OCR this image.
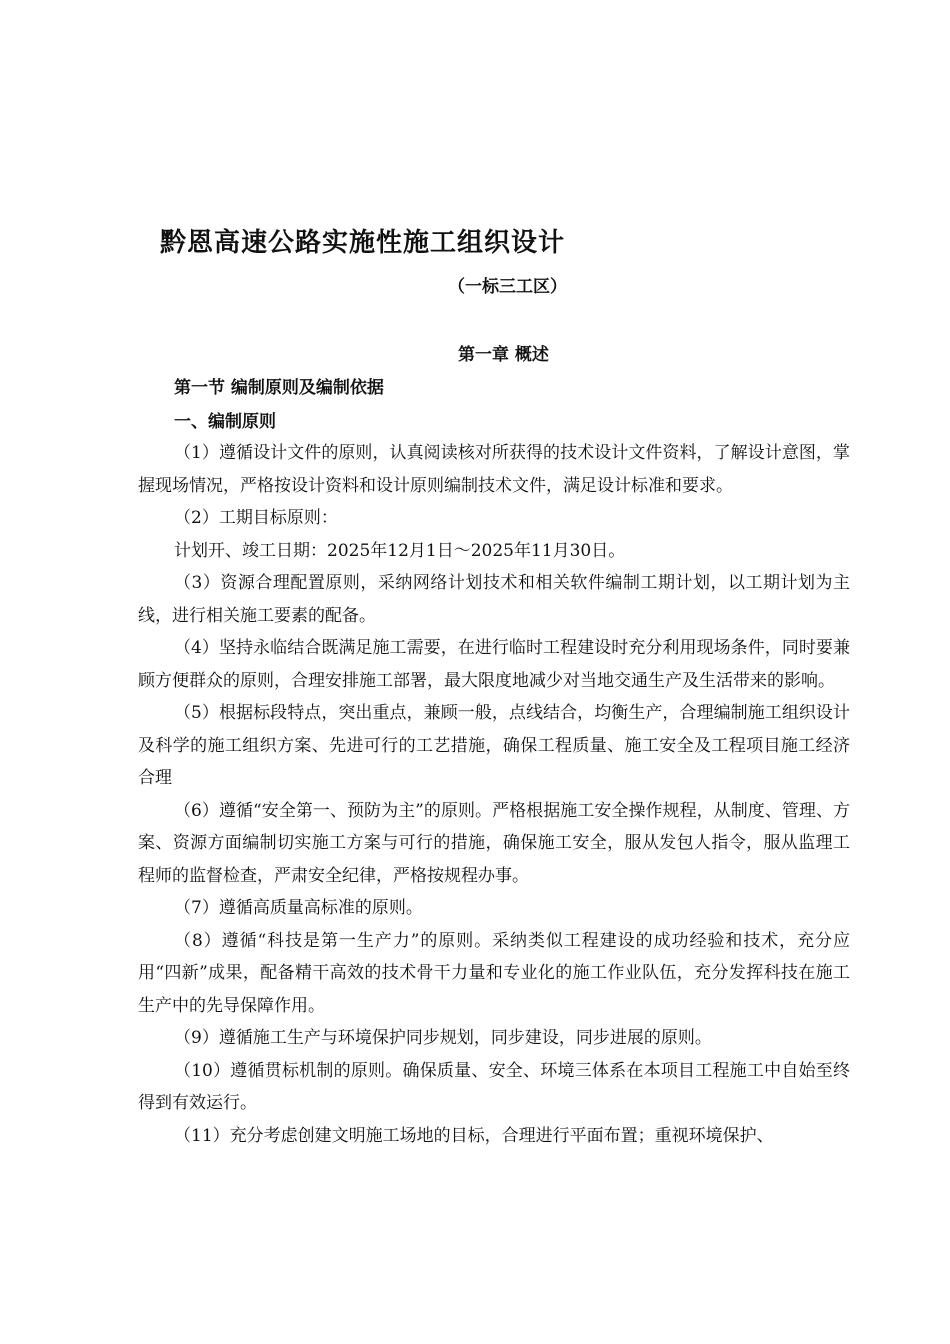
黔恩高速公路实施性施工组织设计
（一标三工区）
第一章 概述
第一节 编制原则及编制依据
一、编制原则

（1）遵循设计文件的原则，认真阅读核对所获得的技术设计文件资料，了解设计意图，掌握现场情况，严格按设计资料和设计原则编制技术文件，满足设计标准和要求。

（2）工期目标原则：

计划开、竣工日期：2025年12月1日～2025年11月30日。

（3）资源合理配置原则，采纳网络计划技术和相关软件编制工期计划，以工期计划为主线，进行相关施工要素的配备。

（4）坚持永临结合既满足施工需要，在进行临时工程建设时充分利用现场条件，同时要兼顾方便群众的原则，合理安排施工部署，最大限度地减少对当地交通生产及生活带来的影响。

（5）根据标段特点，突出重点，兼顾一般，点线结合，均衡生产，合理编制施工组织设计及科学的施工组织方案、先进可行的工艺措施，确保工程质量、施工安全及工程项目施工经济合理

（6）遵循“安全第一、预防为主”的原则。严格根据施工安全操作规程，从制度、管理、方案、资源方面编制切实施工方案与可行的措施，确保施工安全，服从发包人指令，服从监理工程师的监督检查，严肃安全纪律，严格按规程办事。

（7）遵循高质量高标准的原则。

（8）遵循“科技是第一生产力”的原则。采纳类似工程建设的成功经验和技术，充分应用“四新”成果，配备精干高效的技术骨干力量和专业化的施工作业队伍，充分发挥科技在施工生产中的先导保障作用。

（9）遵循施工生产与环境保护同步规划，同步建设，同步进展的原则。

（10）遵循贯标机制的原则。确保质量、安全、环境三体系在本项目工程施工中自始至终得到有效运行。

（11）充分考虑创建文明施工场地的目标，合理进行平面布置；重视环境保护、
